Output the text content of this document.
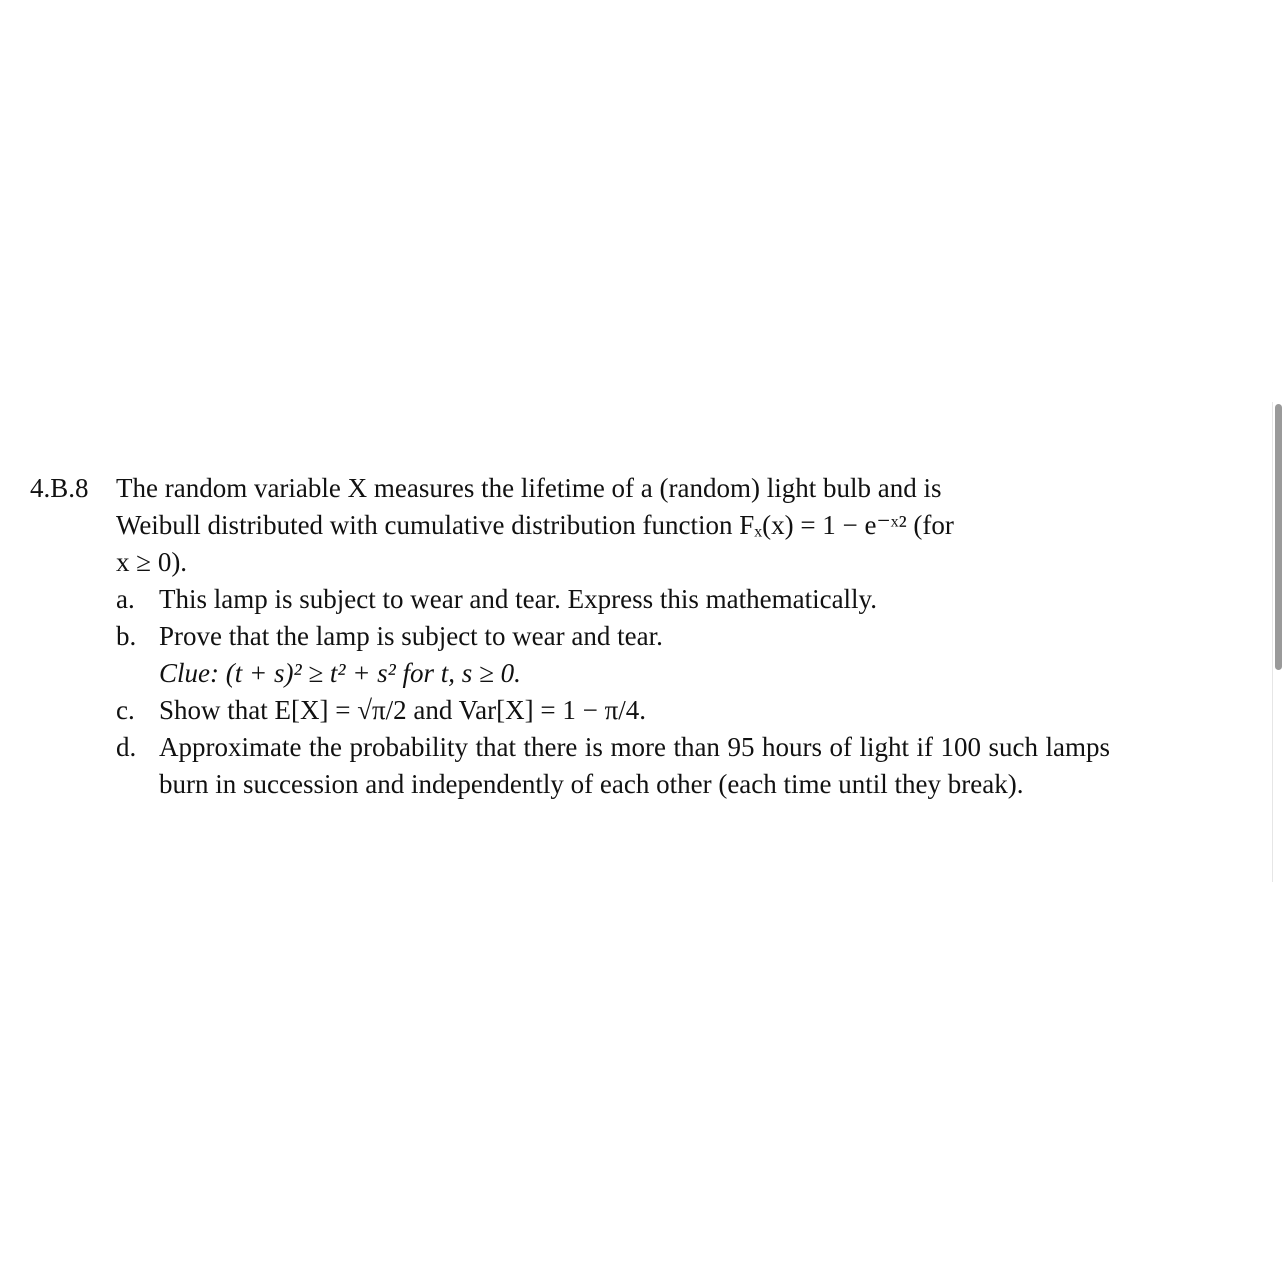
4.B.8 The random variable X measures the lifetime of a (random) light bulb and is
Weibull distributed with cumulative distribution function Fₓ(x) = 1 − e⁻ˣ² (for
x ≥ 0).
a. This lamp is subject to wear and tear. Express this mathematically.
b. Prove that the lamp is subject to wear and tear.
Clue: (t + s)² ≥ t² + s² for t, s ≥ 0.
c. Show that E[X] = √π/2 and Var[X] = 1 − π/4.
d. Approximate the probability that there is more than 95 hours of light if 100 such lamps burn in succession and independently of each other (each time until they break).
